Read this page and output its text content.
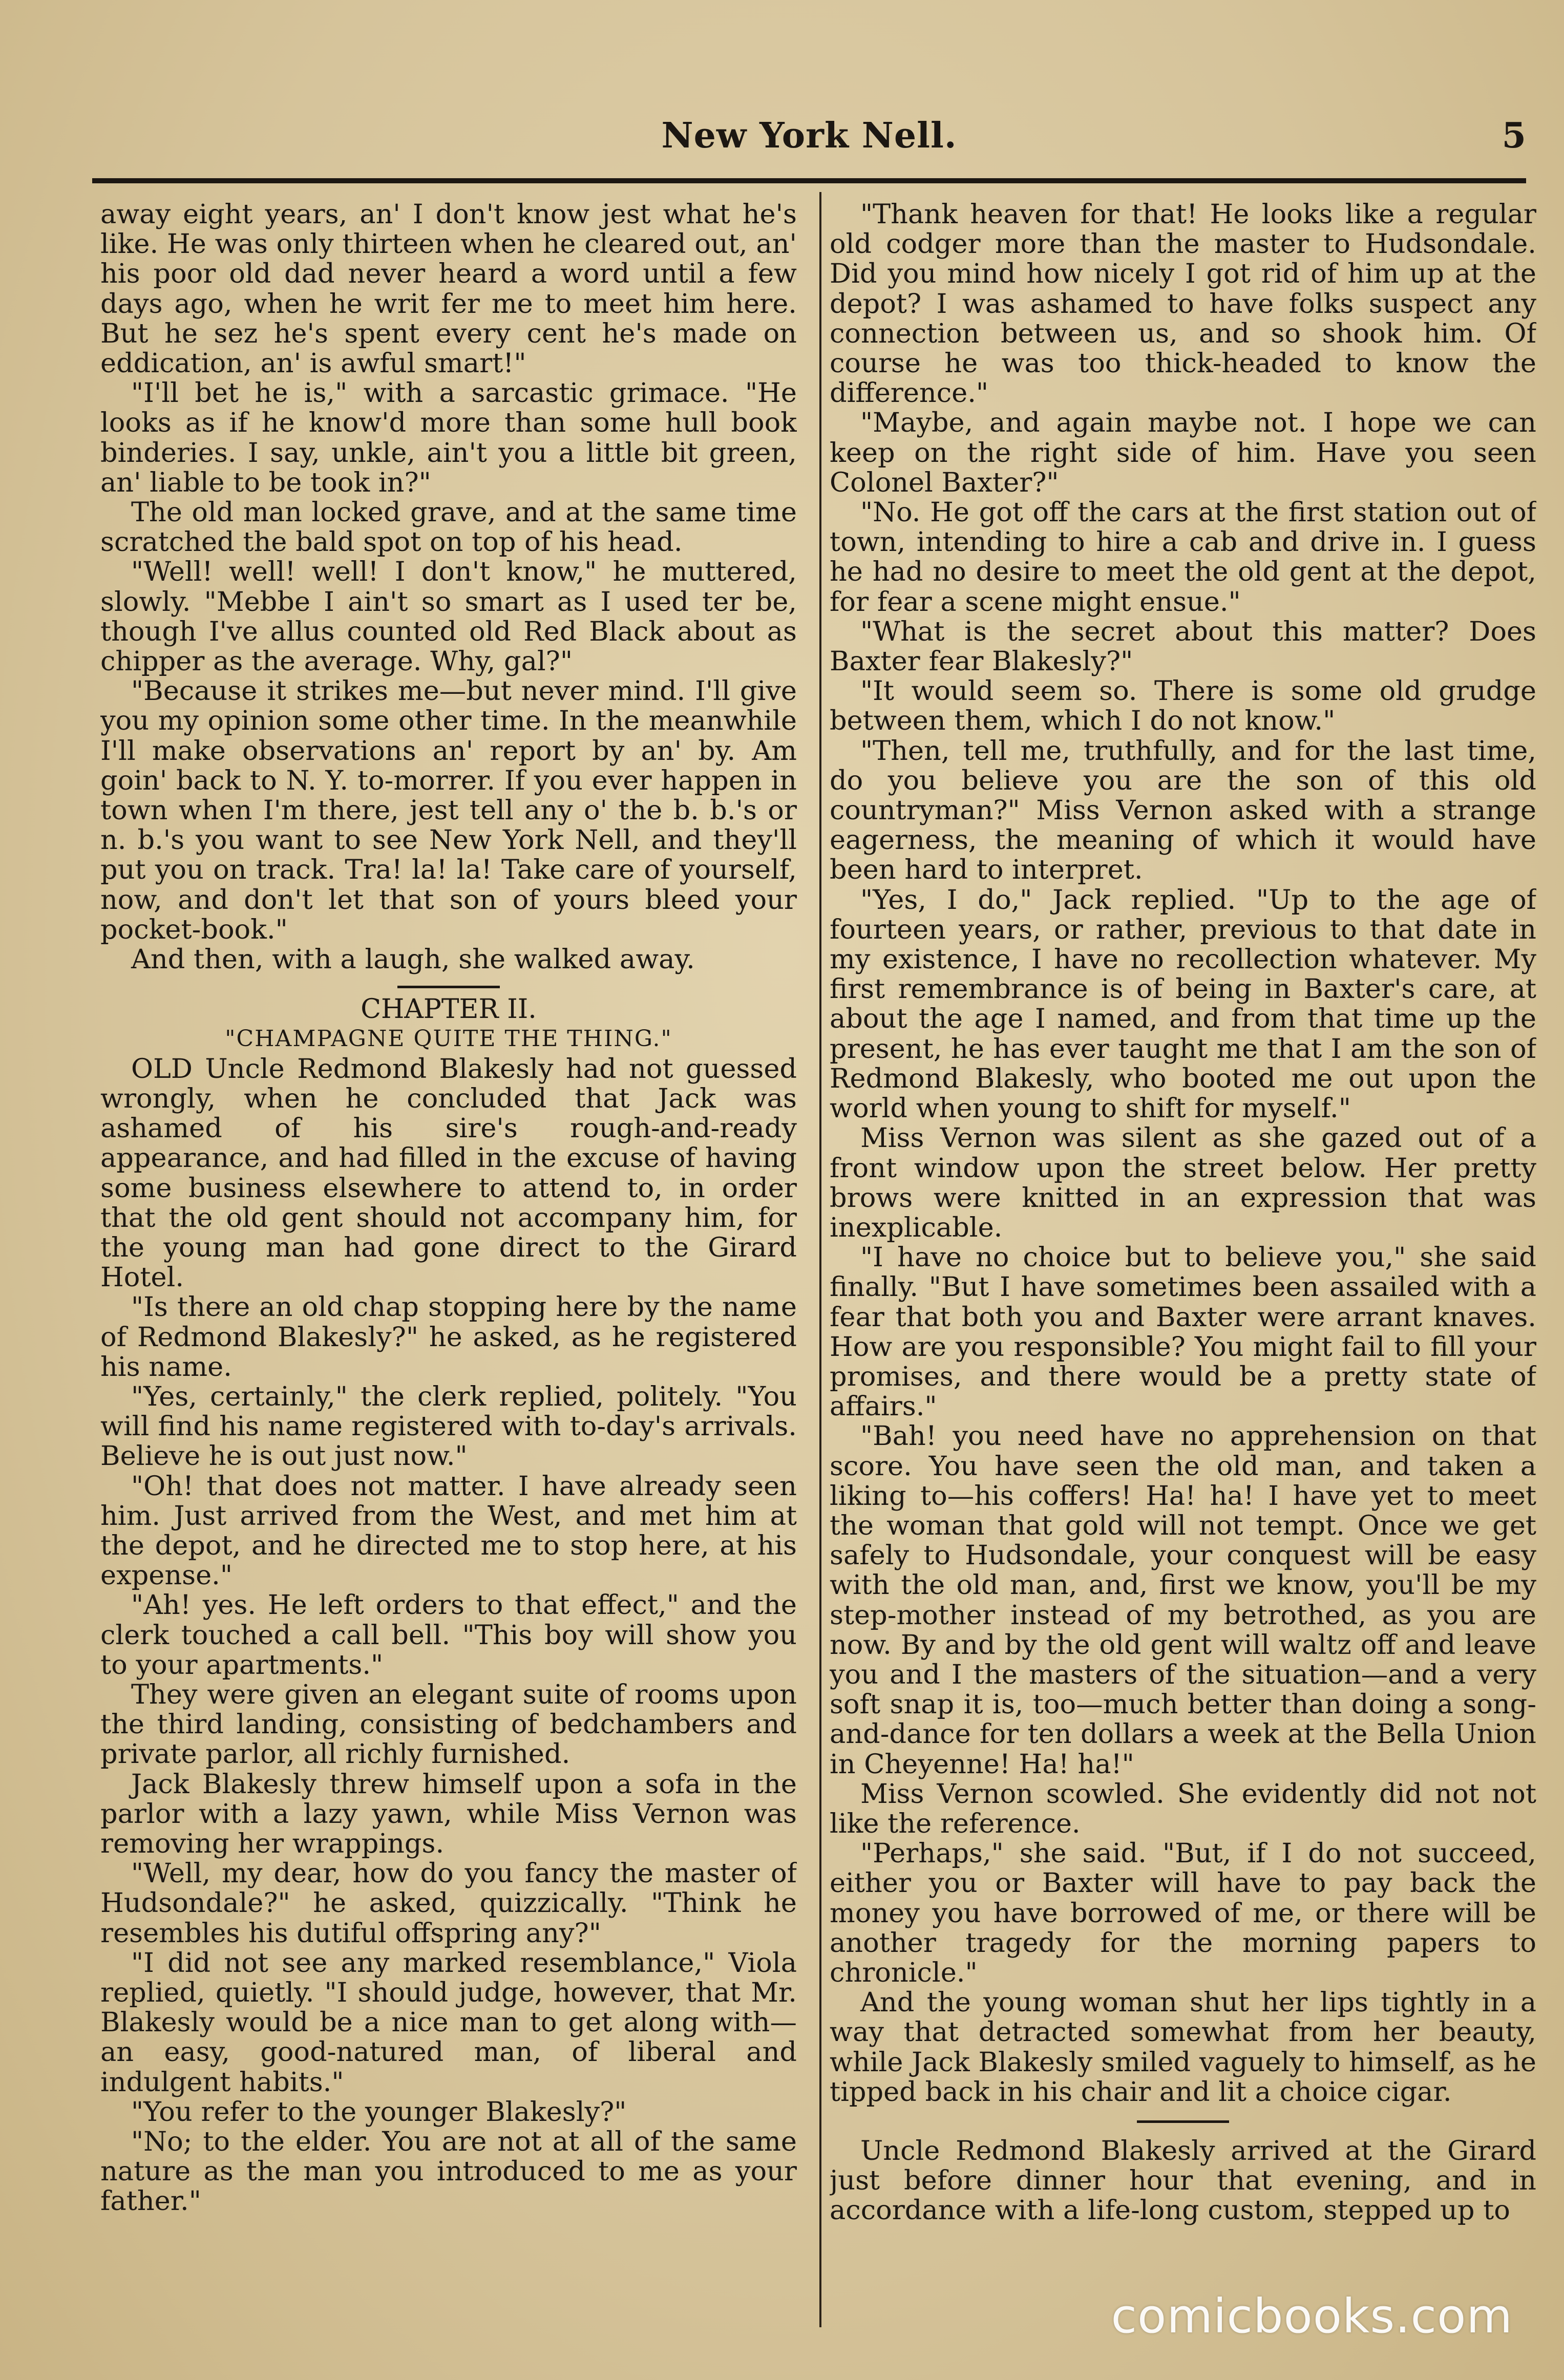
New York Nell.	5

away eight years, an' I don't know jest what he's like. He was only thirteen when he cleared out, an' his poor old dad never heard a word until a few days ago, when he writ fer me to meet him here. But he sez he's spent every cent he's made on eddication, an' is awful smart!"

"I'll bet he is," with a sarcastic grimace. "He looks as if he know'd more than some hull book binderies. I say, unkle, ain't you a little bit green, an' liable to be took in?"

The old man locked grave, and at the same time scratched the bald spot on top of his head.

"Well! well! well! I don't know," he muttered, slowly. "Mebbe I ain't so smart as I used ter be, though I've allus counted old Red Black about as chipper as the average. Why, gal?"

"Because it strikes me—but never mind. I'll give you my opinion some other time. In the meanwhile I'll make observations an' report by an' by. Am goin' back to N. Y. to-morrer. If you ever happen in town when I'm there, jest tell any o' the b. b.'s or n. b.'s you want to see New York Nell, and they'll put you on track. Tra! la! la! Take care of yourself, now, and don't let that son of yours bleed your pocket-book."

And then, with a laugh, she walked away.

CHAPTER II.
"CHAMPAGNE QUITE THE THING."

OLD Uncle Redmond Blakesly had not guessed wrongly, when he concluded that Jack was ashamed of his sire's rough-and-ready appearance, and had filled in the excuse of having some business elsewhere to attend to, in order that the old gent should not accompany him, for the young man had gone direct to the Girard Hotel.

"Is there an old chap stopping here by the name of Redmond Blakesly?" he asked, as he registered his name.

"Yes, certainly," the clerk replied, politely. "You will find his name registered with to-day's arrivals. Believe he is out just now."

"Oh! that does not matter. I have already seen him. Just arrived from the West, and met him at the depot, and he directed me to stop here, at his expense."

"Ah! yes. He left orders to that effect," and the clerk touched a call bell. "This boy will show you to your apartments."

They were given an elegant suite of rooms upon the third landing, consisting of bedchambers and private parlor, all richly furnished.

Jack Blakesly threw himself upon a sofa in the parlor with a lazy yawn, while Miss Vernon was removing her wrappings.

"Well, my dear, how do you fancy the master of Hudsondale?" he asked, quizzically. "Think he resembles his dutiful offspring any?"

"I did not see any marked resemblance," Viola replied, quietly. "I should judge, however, that Mr. Blakesly would be a nice man to get along with—an easy, good-natured man, of liberal and indulgent habits."

"You refer to the younger Blakesly?"

"No; to the elder. You are not at all of the same nature as the man you introduced to me as your father."

"Thank heaven for that! He looks like a regular old codger more than the master to Hudsondale. Did you mind how nicely I got rid of him up at the depot? I was ashamed to have folks suspect any connection between us, and so shook him. Of course he was too thick-headed to know the difference."

"Maybe, and again maybe not. I hope we can keep on the right side of him. Have you seen Colonel Baxter?"

"No. He got off the cars at the first station out of town, intending to hire a cab and drive in. I guess he had no desire to meet the old gent at the depot, for fear a scene might ensue."

"What is the secret about this matter? Does Baxter fear Blakesly?"

"It would seem so. There is some old grudge between them, which I do not know."

"Then, tell me, truthfully, and for the last time, do you believe you are the son of this old countryman?" Miss Vernon asked with a strange eagerness, the meaning of which it would have been hard to interpret.

"Yes, I do," Jack replied. "Up to the age of fourteen years, or rather, previous to that date in my existence, I have no recollection whatever. My first remembrance is of being in Baxter's care, at about the age I named, and from that time up the present, he has ever taught me that I am the son of Redmond Blakesly, who booted me out upon the world when young to shift for myself."

Miss Vernon was silent as she gazed out of a front window upon the street below. Her pretty brows were knitted in an expression that was inexplicable.

"I have no choice but to believe you," she said finally. "But I have sometimes been assailed with a fear that both you and Baxter were arrant knaves. How are you responsible? You might fail to fill your promises, and there would be a pretty state of affairs."

"Bah! you need have no apprehension on that score. You have seen the old man, and taken a liking to—his coffers! Ha! ha! I have yet to meet the woman that gold will not tempt. Once we get safely to Hudsondale, your conquest will be easy with the old man, and, first we know, you'll be my step-mother instead of my betrothed, as you are now. By and by the old gent will waltz off and leave you and I the masters of the situation—and a very soft snap it is, too—much better than doing a song-and-dance for ten dollars a week at the Bella Union in Cheyenne! Ha! ha!"

Miss Vernon scowled. She evidently did not not like the reference.

"Perhaps," she said. "But, if I do not succeed, either you or Baxter will have to pay back the money you have borrowed of me, or there will be another tragedy for the morning papers to chronicle."

And the young woman shut her lips tightly in a way that detracted somewhat from her beauty, while Jack Blakesly smiled vaguely to himself, as he tipped back in his chair and lit a choice cigar.

Uncle Redmond Blakesly arrived at the Girard just before dinner hour that evening, and in accordance with a life-long custom, stepped up to

comicbooks.com
